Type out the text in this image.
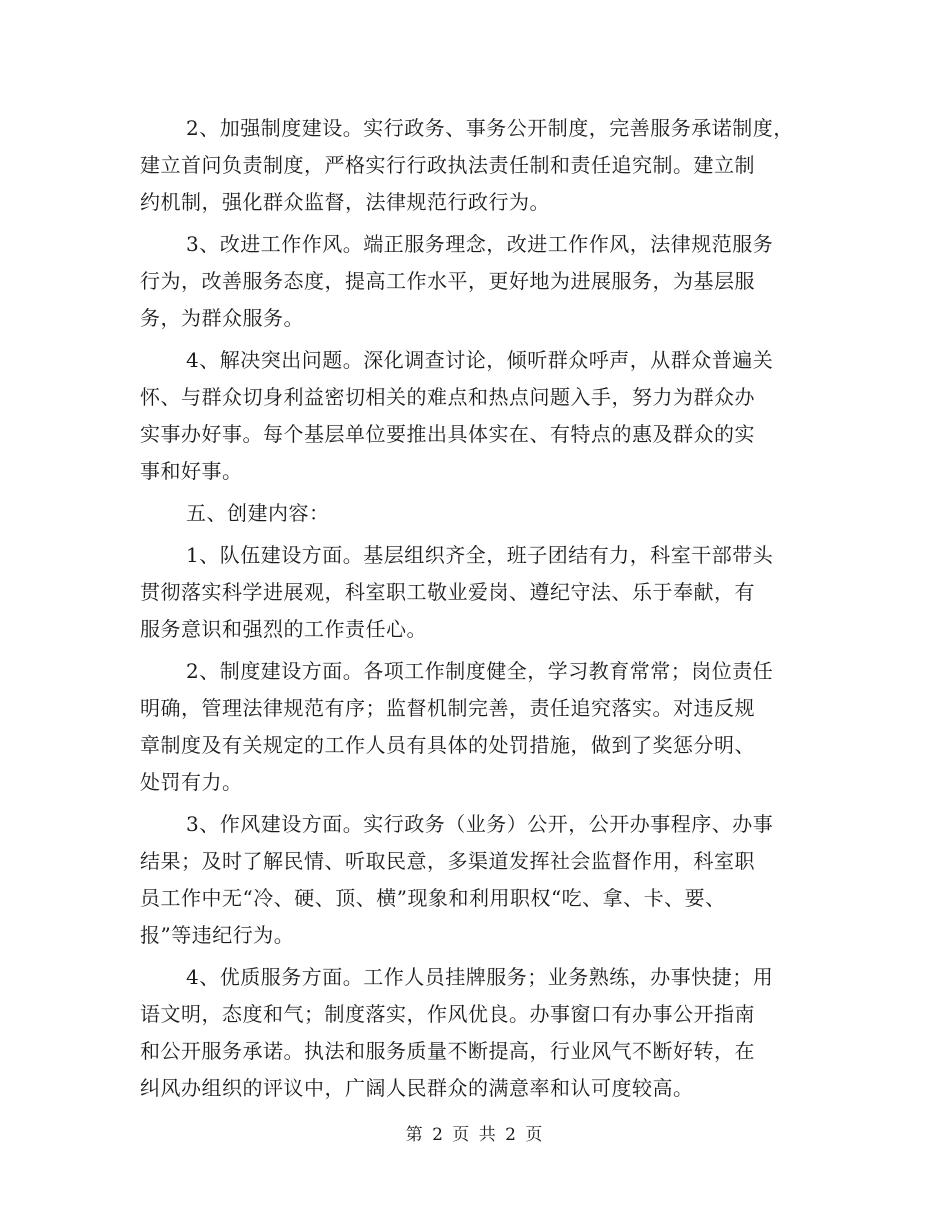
2、加强制度建设。实行政务、事务公开制度，完善服务承诺制度，
建立首问负责制度，严格实行行政执法责任制和责任追究制。建立制
约机制，强化群众监督，法律规范行政行为。

3、改进工作作风。端正服务理念，改进工作作风，法律规范服务
行为，改善服务态度，提高工作水平，更好地为进展服务，为基层服
务，为群众服务。

4、解决突出问题。深化调查讨论，倾听群众呼声，从群众普遍关
怀、与群众切身利益密切相关的难点和热点问题入手，努力为群众办
实事办好事。每个基层单位要推出具体实在、有特点的惠及群众的实
事和好事。

五、创建内容：

1、队伍建设方面。基层组织齐全，班子团结有力，科室干部带头
贯彻落实科学进展观，科室职工敬业爱岗、遵纪守法、乐于奉献，有
服务意识和强烈的工作责任心。

2、制度建设方面。各项工作制度健全，学习教育常常；岗位责任
明确，管理法律规范有序；监督机制完善，责任追究落实。对违反规
章制度及有关规定的工作人员有具体的处罚措施，做到了奖惩分明、
处罚有力。

3、作风建设方面。实行政务（业务）公开，公开办事程序、办事
结果；及时了解民情、听取民意，多渠道发挥社会监督作用，科室职
员工作中无“冷、硬、顶、横”现象和利用职权“吃、拿、卡、要、
报”等违纪行为。

4、优质服务方面。工作人员挂牌服务；业务熟练，办事快捷；用
语文明，态度和气；制度落实，作风优良。办事窗口有办事公开指南
和公开服务承诺。执法和服务质量不断提高，行业风气不断好转，在
纠风办组织的评议中，广阔人民群众的满意率和认可度较高。

第 2 页 共 2 页
